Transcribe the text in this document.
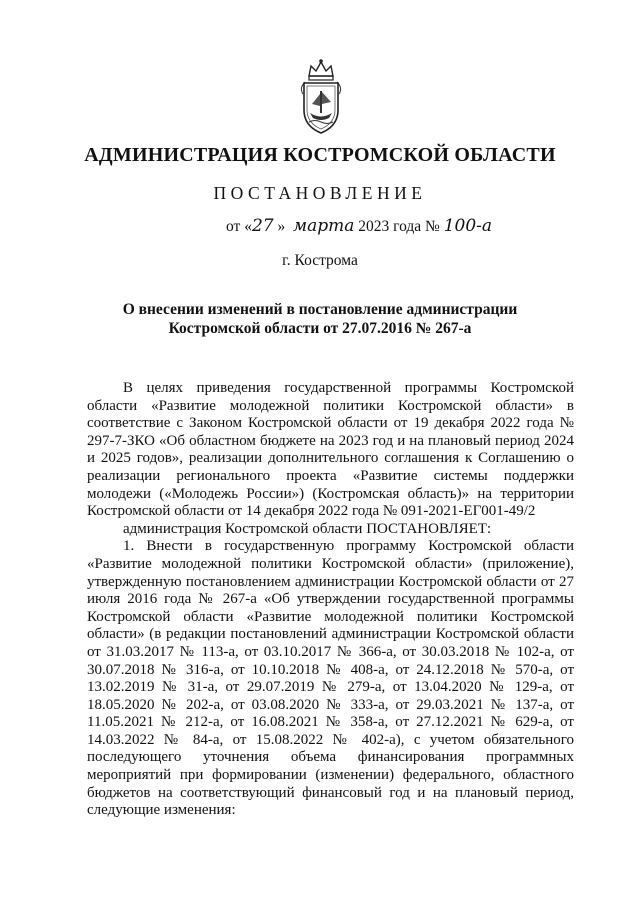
АДМИНИСТРАЦИЯ КОСТРОМСКОЙ ОБЛАСТИ
ПОСТАНОВЛЕНИЕ
от «27 » марта 2023 года № 100-а
г. Кострома
О внесении изменений в постановление администрации
Костромской области от 27.07.2016 № 267-а

В целях приведения государственной программы Костромской области «Развитие молодежной политики Костромской области» в соответствие с Законом Костромской области от 19 декабря 2022 года № 297-7-ЗКО «Об областном бюджете на 2023 год и на плановый период 2024 и 2025 годов», реализации дополнительного соглашения к Соглашению о реализации регионального проекта «Развитие системы поддержки молодежи («Молодежь России») (Костромская область)» на территории Костромской области от 14 декабря 2022 года № 091-2021-ЕГ001-49/2

администрация Костромской области ПОСТАНОВЛЯЕТ:

1. Внести в государственную программу Костромской области «Развитие молодежной политики Костромской области» (приложение), утвержденную постановлением администрации Костромской области от 27 июля 2016 года № 267-а «Об утверждении государственной программы Костромской области «Развитие молодежной политики Костромской области» (в редакции постановлений администрации Костромской области от 31.03.2017 № 113-а, от 03.10.2017 № 366-а, от 30.03.2018 № 102-а, от 30.07.2018 № 316-а, от 10.10.2018 № 408-а, от 24.12.2018 № 570-а, от 13.02.2019 № 31-а, от 29.07.2019 № 279-а, от 13.04.2020 № 129-а, от 18.05.2020 № 202-а, от 03.08.2020 № 333-а, от 29.03.2021 № 137-а, от 11.05.2021 № 212-а, от 16.08.2021 № 358-а, от 27.12.2021 № 629-а, от 14.03.2022 № 84-а, от 15.08.2022 № 402-а), с учетом обязательного последующего уточнения объема финансирования программных мероприятий при формировании (изменении) федерального, областного бюджетов на соответствующий финансовый год и на плановый период, следующие изменения:
